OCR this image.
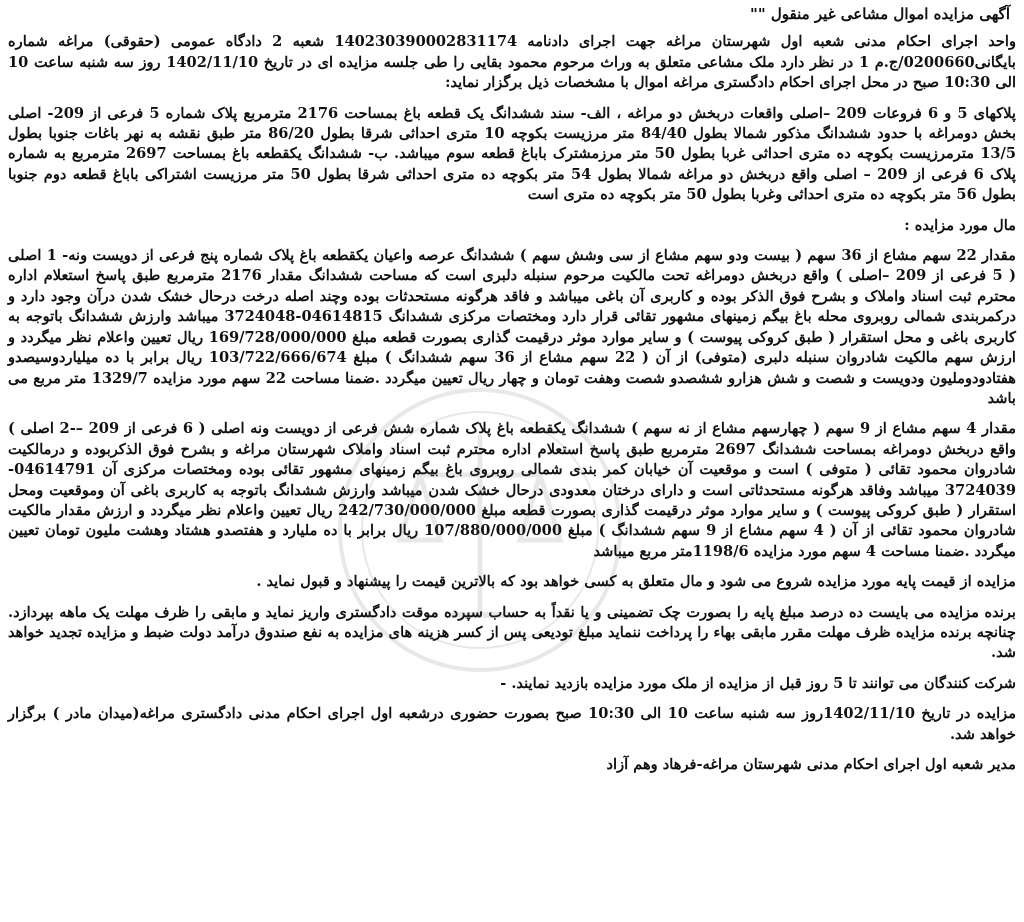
آگهی مزایده اموال مشاعی غیر منقول ""

واحد اجرای احکام مدنی شعبه اول شهرستان مراغه جهت اجرای دادنامه 140230390002831174 شعبه 2 دادگاه عمومی (حقوقی) مراغه شماره بایگانی0200660/ج.م 1 در نظر دارد ملک مشاعی متعلق به وراث مرحوم محمود بقایی را طی جلسه مزایده ای در تاریخ 1402/11/10 روز سه شنبه ساعت 10 الی 10:30 صبح در محل اجرای احکام دادگستری مراغه اموال با مشخصات ذیل برگزار نماید:

پلاکهای 5 و 6 فروعات 209 –اصلی واقعات دربخش دو مراغه ، الف- سند ششدانگ یک قطعه باغ بمساحت 2176 مترمربع پلاک شماره 5 فرعی از 209- اصلی بخش دومراغه با حدود ششدانگ مذکور شمالا بطول 84/40 متر مرزیست بکوچه 10 متری احداثی شرقا بطول 86/20 متر طبق نقشه به نهر باغات جنوبا بطول 13/5 مترمرزیست بکوچه ده متری احداثی غربا بطول 50 متر مرزمشترک باباغ قطعه سوم میباشد. ب- ششدانگ یکقطعه باغ بمساحت 2697 مترمربع به شماره پلاک 6 فرعی از 209 – اصلی واقع دربخش دو مراغه شمالا بطول 54 متر بکوچه ده متری احداثی شرقا بطول 50 متر مرزیست اشتراکی باباغ قطعه دوم جنوبا بطول 56 متر بکوچه ده متری احداثی وغربا بطول 50 متر بکوچه ده متری است

مال مورد مزایده :

مقدار 22 سهم مشاع از 36 سهم ( بیست ودو سهم مشاع از سی وشش سهم ) ششدانگ عرصه واعیان یکقطعه باغ پلاک شماره پنج فرعی از دویست ونه- 1 اصلی ( 5 فرعی از 209 –اصلی ) واقع دربخش دومراغه تحت مالکیت مرحوم سنبله دلبری است که مساحت ششدانگ مقدار 2176 مترمربع طبق پاسخ استعلام اداره محترم ثبت اسناد واملاک و بشرح فوق الذکر بوده و کاربری آن باغی میباشد و فاقد هرگونه مستحدثات بوده وچند اصله درخت درحال خشک شدن درآن وجود دارد و درکمربندی شمالی روبروی محله باغ بیگم زمینهای مشهور تقائی قرار دارد ومختصات مرکزی ششدانگ 04614815-3724048 میباشد وارزش ششدانگ باتوجه به کاربری باغی و محل استقرار ( طبق کروکی پیوست ) و سایر موارد موثر درقیمت گذاری بصورت قطعه مبلغ 169/728/000/000 ریال تعیین واعلام نظر میگردد و ارزش سهم مالکیت شادروان سنبله دلبری (متوفی) از آن ( 22 سهم مشاع از 36 سهم ششدانگ ) مبلغ 103/722/666/674 ریال برابر با ده میلیاردوسیصدو هفتادودوملیون ودویست و شصت و شش هزارو ششصدو شصت وهفت تومان و چهار ریال تعیین میگردد .ضمنا مساحت 22 سهم مورد مزایده 1329/7 متر مربع می باشد

مقدار 4 سهم مشاع از 9 سهم ( چهارسهم مشاع از نه سهم ) ششدانگ یکقطعه باغ پلاک شماره شش فرعی از دویست ونه اصلی ( 6 فرعی از 209 –-2 اصلی ) واقع دربخش دومراغه بمساحت ششدانگ 2697 مترمربع طبق پاسخ استعلام اداره محترم ثبت اسناد واملاک شهرستان مراغه و بشرح فوق الذکربوده و درمالکیت شادروان محمود تقائی ( متوفی ) است و موقعیت آن خیابان کمر بندی شمالی روبروی باغ بیگم زمینهای مشهور تقائی بوده ومختصات مرکزی آن 04614791-3724039 میباشد وفاقد هرگونه مستحدثاتی است و دارای درختان معدودی درحال خشک شدن میباشد وارزش ششدانگ باتوجه به کاربری باغی آن وموقعیت ومحل استقرار ( طبق کروکی پیوست ) و سایر موارد موثر درقیمت گذاری بصورت قطعه مبلغ 242/730/000/000 ریال تعیین واعلام نظر میگردد و ارزش مقدار مالکیت شادروان محمود تقائی از آن ( 4 سهم مشاع از 9 سهم ششدانگ ) مبلغ 107/880/000/000 ریال برابر با ده ملیارد و هفتصدو هشتاد وهشت ملیون تومان تعیین میگردد .ضمنا مساحت 4 سهم مورد مزایده 1198/6متر مربع میباشد

مزایده از قیمت پایه مورد مزایده شروع می شود و مال متعلق به کسی خواهد بود که بالاترین قیمت را پیشنهاد و قبول نماید .

برنده مزایده می بایست ده درصد مبلغ پایه را بصورت چک تضمینی و یا نقداً به حساب سپرده موقت دادگستری واریز نماید و مابقی را ظرف مهلت یک ماهه بپردازد. چنانچه برنده مزایده ظرف مهلت مقرر مابقی بهاء را پرداخت ننماید مبلغ تودیعی پس از کسر هزینه های مزایده به نفع صندوق درآمد دولت ضبط و مزایده تجدید خواهد شد.

شرکت کنندگان می توانند تا 5 روز قبل از مزایده از ملک مورد مزایده بازدید نمایند. -

مزایده در تاریخ 1402/11/10روز سه شنبه ساعت 10 الی 10:30 صبح بصورت حضوری درشعبه اول اجرای احکام مدنی دادگستری مراغه(میدان مادر ) برگزار خواهد شد.

مدیر شعبه اول اجرای احکام مدنی شهرستان مراغه-فرهاد وهم آزاد
